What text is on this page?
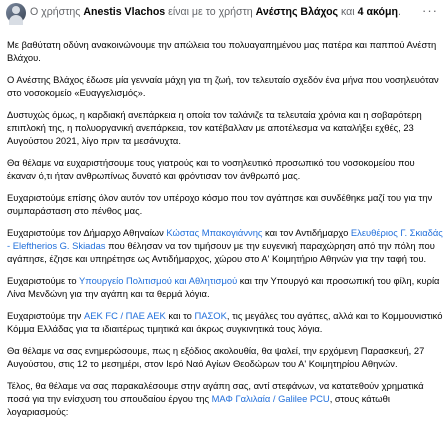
Ο χρήστης Anestis Vlachos είναι με το χρήστη Ανέστης Βλάχος και 4 ακόμη. ···

Με βαθύτατη οδύνη ανακοινώνουμε την απώλεια του πολυαγαπημένου μας πατέρα και παππού Ανέστη Βλάχου.

Ο Ανέστης Βλάχος έδωσε μία γενναία μάχη για τη ζωή, τον τελευταίο σχεδόν ένα μήνα που νοσηλευόταν στο νοσοκομείο «Ευαγγελισμός».

Δυστυχώς όμως, η καρδιακή ανεπάρκεια η οποία τον ταλάνιζε τα τελευταία χρόνια και η σοβαρότερη επιπλοκή της, η πολυοργανική ανεπάρκεια, τον κατέβαλλαν με αποτέλεσμα να καταλήξει εχθές, 23 Αυγούστου 2021, λίγο πριν τα μεσάνυχτα.

Θα θέλαμε να ευχαριστήσουμε τους γιατρούς και το νοσηλευτικό προσωπικό του νοσοκομείου που έκαναν ό,τι ήταν ανθρωπίνως δυνατό και φρόντισαν τον άνθρωπό μας.

Ευχαριστούμε επίσης όλον αυτόν τον υπέροχο κόσμο που τον αγάπησε και συνδέθηκε μαζί του για την συμπαράσταση στο πένθος μας.

Ευχαριστούμε τον Δήμαρχο Αθηναίων Κώστας Μπακογιάννης και τον Αντιδήμαρχο Ελευθέριος Γ. Σκιαδάς - Eleftherios G. Skiadas που θέλησαν να τον τιμήσουν με την ευγενική παραχώρηση από την πόλη που αγάπησε, έζησε και υπηρέτησε ως Αντιδήμαρχος, χώρου στο Α' Κοιμητήριο Αθηνών για την ταφή του.

Ευχαριστούμε το Υπουργείο Πολιτισμού και Αθλητισμού και την Υπουργό και προσωπική του φίλη, κυρία Λίνα Μενδώνη για την αγάπη και τα θερμά λόγια.

Ευχαριστούμε την AEK FC / ΠΑΕ ΑΕΚ και το ΠΑΣΟΚ, τις μεγάλες του αγάπες, αλλά και το Κομμουνιστικό Κόμμα Ελλάδας για τα ιδιαιτέρως τιμητικά και άκρως συγκινητικά τους λόγια.

Θα θέλαμε να σας ενημερώσουμε, πως η εξόδιος ακολουθία, θα ψαλεί, την ερχόμενη Παρασκευή, 27 Αυγούστου, στις 12 το μεσημέρι, στον Ιερό Ναό Αγίων Θεοδώρων του Α' Κοιμητηρίου Αθηνών.

Τέλος, θα θέλαμε να σας παρακαλέσουμε στην αγάπη σας, αντί στεφάνων, να κατατεθούν χρηματικά ποσά για την ενίσχυση του σπουδαίου έργου της ΜΑΦ Γαλιλαία / Galilee PCU, στους κάτωθι λογαριασμούς:
